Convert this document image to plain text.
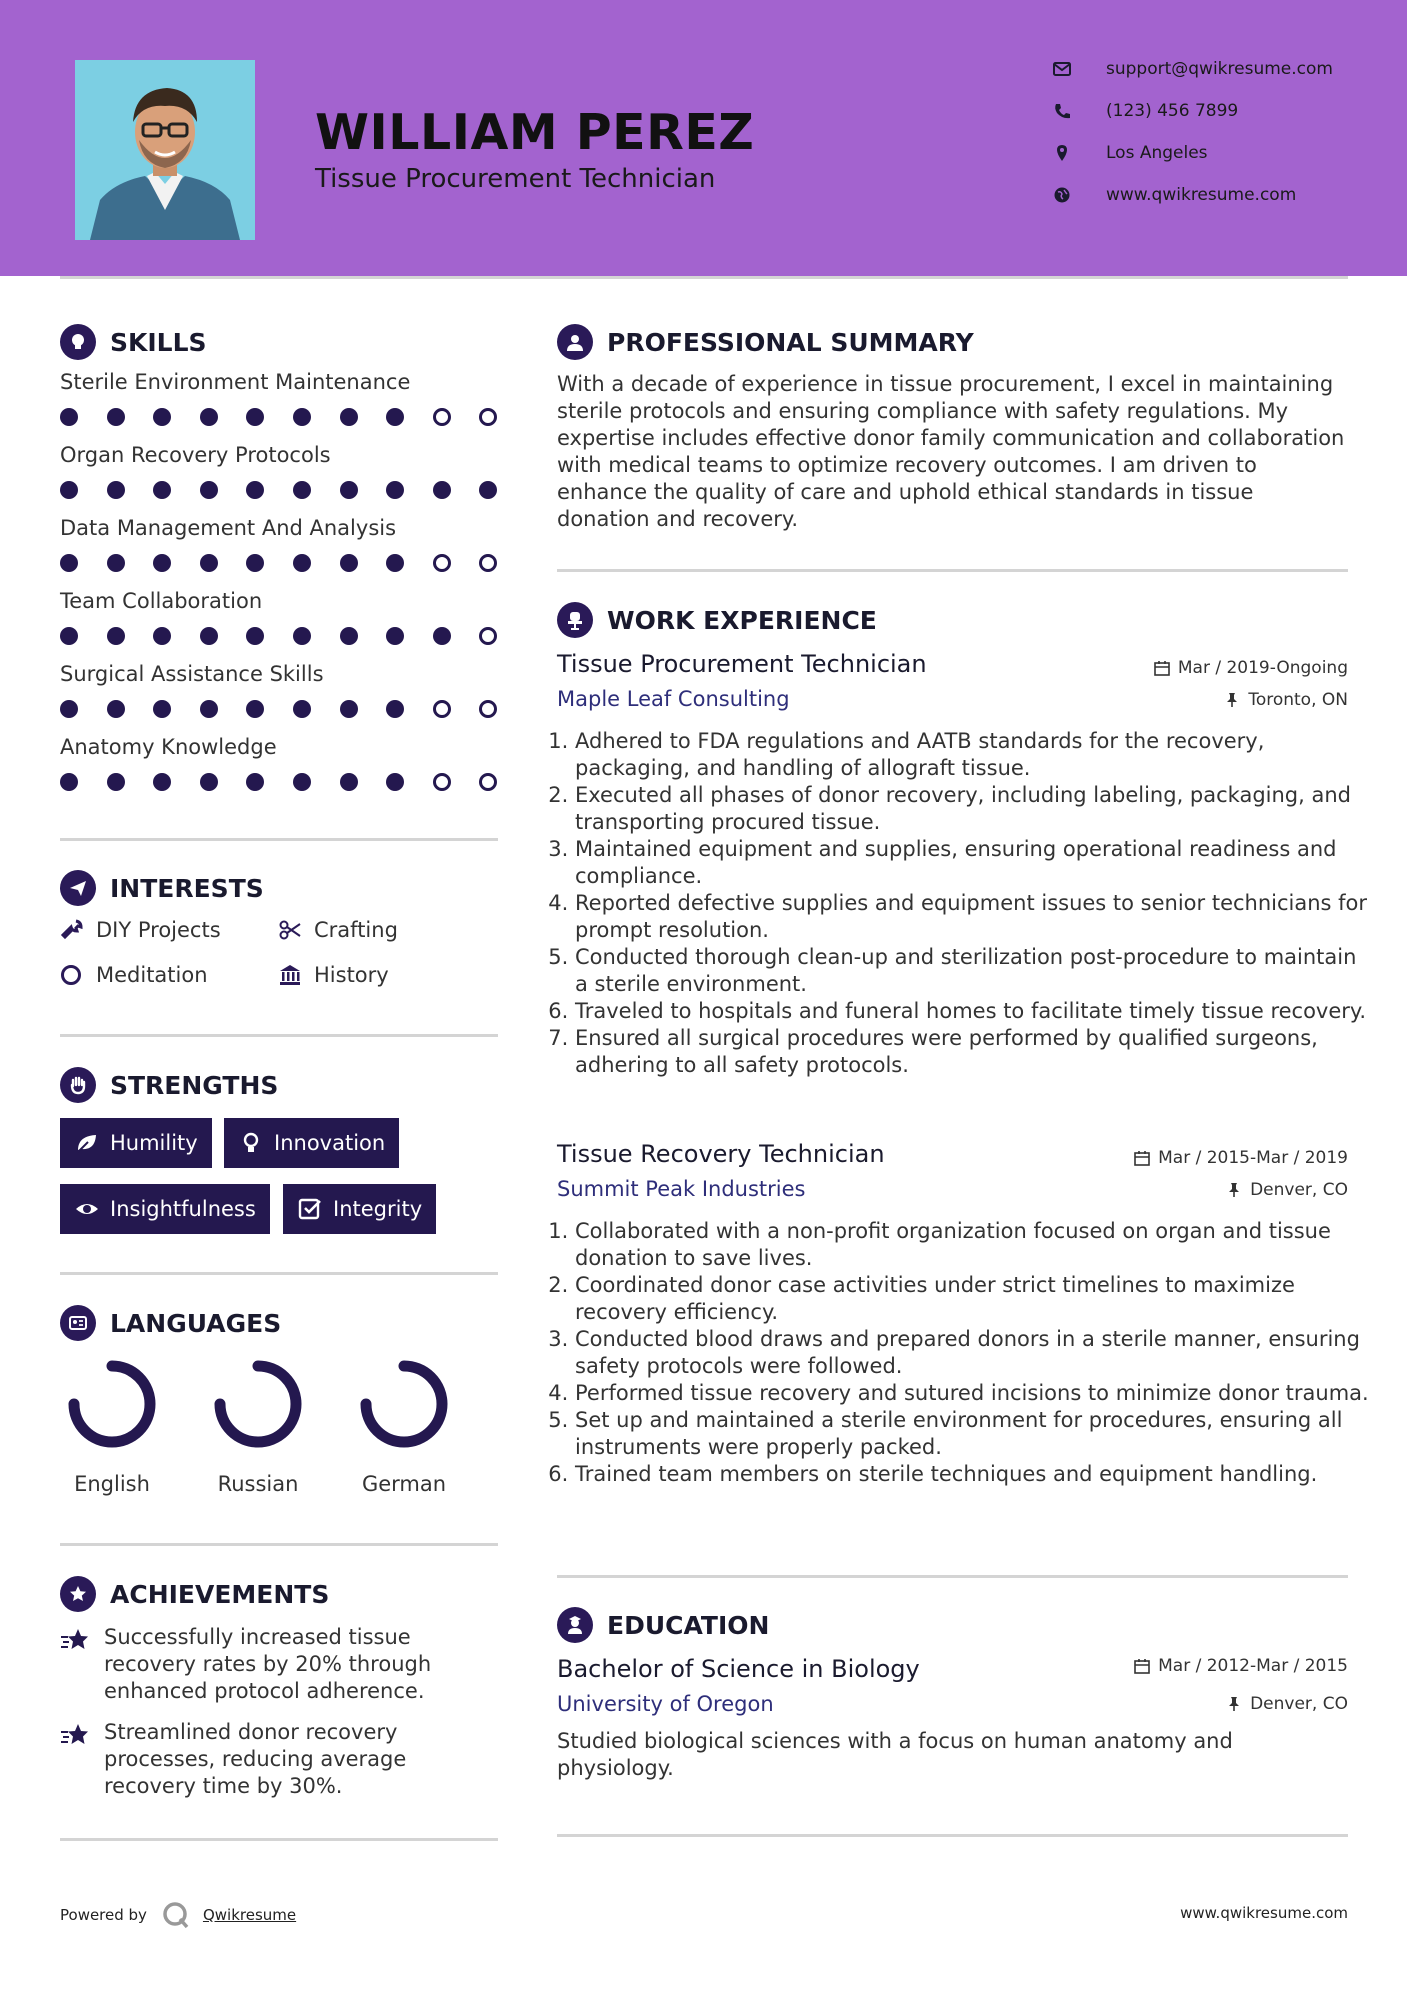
WILLIAM PEREZ
Tissue Procurement Technician
support@qwikresume.com
(123) 456 7899
Los Angeles
www.qwikresume.com
SKILLS
Sterile Environment Maintenance
Organ Recovery Protocols
Data Management And Analysis
Team Collaboration
Surgical Assistance Skills
Anatomy Knowledge
INTERESTS
DIY Projects	Crafting
Meditation	History
STRENGTHS
Humility	Innovation
Insightfulness	Integrity
LANGUAGES
English	Russian	German
ACHIEVEMENTS
Successfully increased tissue recovery rates by 20% through enhanced protocol adherence.
Streamlined donor recovery processes, reducing average recovery time by 30%.
PROFESSIONAL SUMMARY
With a decade of experience in tissue procurement, I excel in maintaining sterile protocols and ensuring compliance with safety regulations. My expertise includes effective donor family communication and collaboration with medical teams to optimize recovery outcomes. I am driven to enhance the quality of care and uphold ethical standards in tissue donation and recovery.
WORK EXPERIENCE
Tissue Procurement Technician	Mar / 2019-Ongoing
Maple Leaf Consulting	Toronto, ON
1. Adhered to FDA regulations and AATB standards for the recovery, packaging, and handling of allograft tissue.
2. Executed all phases of donor recovery, including labeling, packaging, and transporting procured tissue.
3. Maintained equipment and supplies, ensuring operational readiness and compliance.
4. Reported defective supplies and equipment issues to senior technicians for prompt resolution.
5. Conducted thorough clean-up and sterilization post-procedure to maintain a sterile environment.
6. Traveled to hospitals and funeral homes to facilitate timely tissue recovery.
7. Ensured all surgical procedures were performed by qualified surgeons, adhering to all safety protocols.
Tissue Recovery Technician	Mar / 2015-Mar / 2019
Summit Peak Industries	Denver, CO
1. Collaborated with a non-profit organization focused on organ and tissue donation to save lives.
2. Coordinated donor case activities under strict timelines to maximize recovery efficiency.
3. Conducted blood draws and prepared donors in a sterile manner, ensuring safety protocols were followed.
4. Performed tissue recovery and sutured incisions to minimize donor trauma.
5. Set up and maintained a sterile environment for procedures, ensuring all instruments were properly packed.
6. Trained team members on sterile techniques and equipment handling.
EDUCATION
Bachelor of Science in Biology	Mar / 2012-Mar / 2015
University of Oregon	Denver, CO
Studied biological sciences with a focus on human anatomy and physiology.
Powered by	Qwikresume	www.qwikresume.com
